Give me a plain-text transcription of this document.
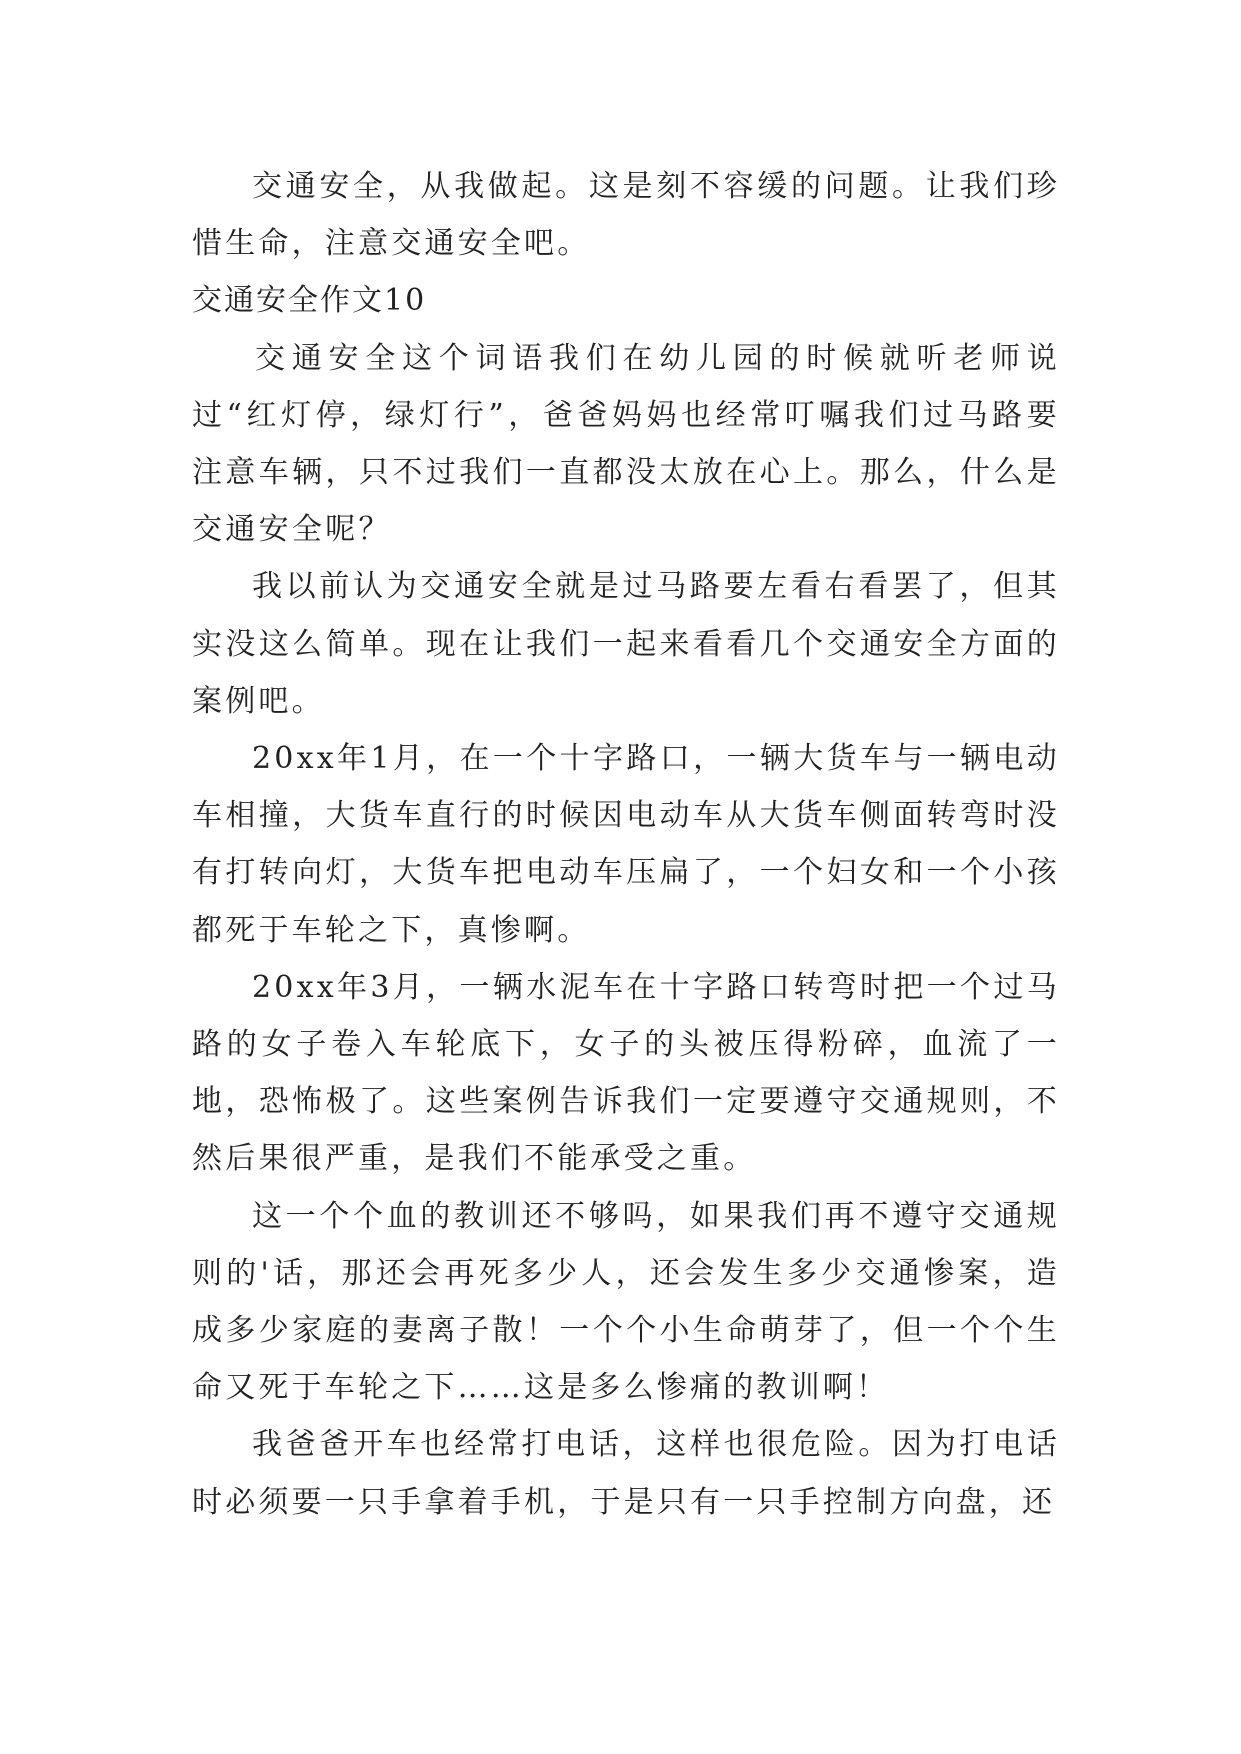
交通安全，从我做起。这是刻不容缓的问题。让我们珍惜生命，注意交通安全吧。

交通安全作文10

交通安全这个词语我们在幼儿园的时候就听老师说过“红灯停，绿灯行”，爸爸妈妈也经常叮嘱我们过马路要注意车辆，只不过我们一直都没太放在心上。那么，什么是交通安全呢？

我以前认为交通安全就是过马路要左看右看罢了，但其实没这么简单。现在让我们一起来看看几个交通安全方面的案例吧。

20xx年1月，在一个十字路口，一辆大货车与一辆电动车相撞，大货车直行的时候因电动车从大货车侧面转弯时没有打转向灯，大货车把电动车压扁了，一个妇女和一个小孩都死于车轮之下，真惨啊。

20xx年3月，一辆水泥车在十字路口转弯时把一个过马路的女子卷入车轮底下，女子的头被压得粉碎，血流了一地，恐怖极了。这些案例告诉我们一定要遵守交通规则，不然后果很严重，是我们不能承受之重。

这一个个血的教训还不够吗，如果我们再不遵守交通规则的'话，那还会再死多少人，还会发生多少交通惨案，造成多少家庭的妻离子散！一个个小生命萌芽了，但一个个生命又死于车轮之下……这是多么惨痛的教训啊！

我爸爸开车也经常打电话，这样也很危险。因为打电话时必须要一只手拿着手机，于是只有一只手控制方向盘，还
